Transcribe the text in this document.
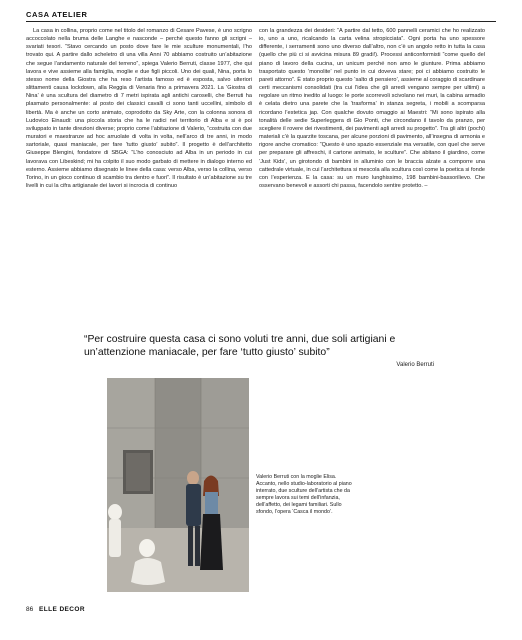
CASA ATELIER

La casa in collina, proprio come nel titolo del romanzo di Cesare Pavese, è uno scrigno accoccolato nella bruma delle Langhe e nasconde – perché questo fanno gli scrigni – svariati tesori. “Stavo cercando un posto dove fare le mie sculture monumentali, l’ho trovato qui. A partire dallo scheletro di una villa Anni 70 abbiamo costruito un’abitazione che segue l’andamento naturale del terreno”, spiega Valerio Berruti, classe 1977, che qui lavora e vive assieme alla famiglia, moglie e due figli piccoli. Uno dei quali, Nina, porta lo stesso nome della Giostra che ha reso l’artista famoso ed è esposta, salvo ulteriori slittamenti causa lockdown, alla Reggia di Venaria fino a primavera 2021. La ‘Giostra di Nina’ è una scultura del diametro di 7 metri ispirata agli antichi caroselli, che Berruti ha plasmato personalmente: al posto dei classici cavalli ci sono tanti uccellini, simbolo di libertà. Ma è anche un corto animato, coprodotto da Sky Arte, con la colonna sonora di Ludovico Einaudi: una piccola storia che ha le radici nel territorio di Alba e si è poi sviluppato in tante direzioni diverse; proprio come l’abitazione di Valerio, “costruita con due muratori e maestranze ad hoc arruolate di volta in volta, nell’arco di tre anni, in modo sartoriale, quasi maniacale, per fare ‘tutto giusto’ subito”. Il progetto è dell’architetto Giuseppe Blengini, fondatore di SBGA: “L’ho conosciuto ad Alba in un periodo in cui lavorava con Libeskind; mi ha colpito il suo modo garbato di mettere in dialogo interno ed esterno. Assieme abbiamo disegnato le linee della casa: verso Alba, verso la collina, verso Torino, in un gioco continuo di scambio tra dentro e fuori”. Il risultato è un’abitazione su tre livelli in cui la cifra artigianale dei lavori si incrocia di continuo

con la grandezza dei desideri: “A partire dal tetto, 600 pannelli ceramici che ho realizzato io, uno a uno, ricalcando la carta velina stropicciata”. Ogni porta ha uno spessore differente, i serramenti sono uno diverso dall’altro, non c’è un angolo retto in tutta la casa (quello che più ci si avvicina misura 89 gradi!). Processi anticonformisti “come quello del piano di lavoro della cucina, un unicum perché non amo le giunture. Prima abbiamo trasportato questo ‘monolite’ nel punto in cui doveva stare; poi ci abbiamo costruito le pareti attorno”. È stato proprio questo ‘salto di pensiero’, assieme al coraggio di scardinare certi meccanismi consolidati (tra cui l’idea che gli arredi vengano sempre per ultimi) a regolare un ritmo inedito al luogo: le porte scorrevoli scivolano nei muri, la cabina armadio è celata dietro una parete che la ‘trasforma’ in stanza segreta, i mobili a scomparsa ricordano l’estetica jap. Con qualche dovuto omaggio ai Maestri: “Mi sono ispirato alla tonalità delle sedie Superleggera di Gio Ponti, che circondano il tavolo da pranzo, per scegliere il rovere dei rivestimenti, dei pavimenti agli arredi su progetto”. Tra gli altri (pochi) materiali c’è la quarzite toscana, per alcune porzioni di pavimento, all’insegna di armonia e rigore anche cromatico: “Questo è uno spazio essenziale ma versatile, con quel che serve per preparare gli affreschi, il cartone animato, le sculture”. Che abitano il giardino, come ‘Just Kids’, un girotondo di bambini in alluminio con le braccia alzate a comporre una cattedrale virtuale, in cui l’architettura si mescola alla scultura così come la poetica si fonde con l’esperienza. E la casa: su un muro lunghissimo, 198 bambini-bassorilievo. Che osservano benevoli e assorti chi passa, facendolo sentire protetto. –

“Per costruire questa casa ci sono voluti tre anni, due soli artigiani e un’attenzione maniacale, per fare ‘tutto giusto’ subito”
Valerio Berruti
Valerio Berruti con la moglie Elisa. Accanto, nello studio-laboratorio al piano interrato, due sculture dell’artista che da sempre lavora sui temi dell’infanzia, dell’affetto, dei legami familiari. Sullo sfondo, l’opera ‘Casca il mondo’.
86 ELLE DECOR
